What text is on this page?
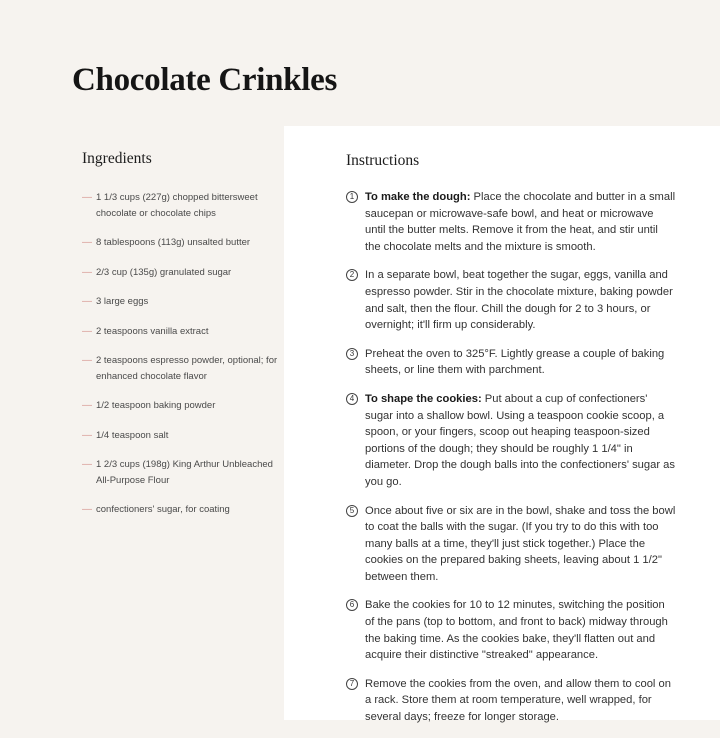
Chocolate Crinkles
Ingredients
— 1 1/3 cups (227g) chopped bittersweet chocolate or chocolate chips
— 8 tablespoons (113g) unsalted butter
— 2/3 cup (135g) granulated sugar
— 3 large eggs
— 2 teaspoons vanilla extract
— 2 teaspoons espresso powder, optional; for enhanced chocolate flavor
— 1/2 teaspoon baking powder
— 1/4 teaspoon salt
— 1 2/3 cups (198g) King Arthur Unbleached All-Purpose Flour
— confectioners' sugar, for coating
Instructions
1 To make the dough: Place the chocolate and butter in a small saucepan or microwave-safe bowl, and heat or microwave until the butter melts. Remove it from the heat, and stir until the chocolate melts and the mixture is smooth.
2 In a separate bowl, beat together the sugar, eggs, vanilla and espresso powder. Stir in the chocolate mixture, baking powder and salt, then the flour. Chill the dough for 2 to 3 hours, or overnight; it'll firm up considerably.
3 Preheat the oven to 325°F. Lightly grease a couple of baking sheets, or line them with parchment.
4 To shape the cookies: Put about a cup of confectioners' sugar into a shallow bowl. Using a teaspoon cookie scoop, a spoon, or your fingers, scoop out heaping teaspoon-sized portions of the dough; they should be roughly 1 1/4" in diameter. Drop the dough balls into the confectioners' sugar as you go.
5 Once about five or six are in the bowl, shake and toss the bowl to coat the balls with the sugar. (If you try to do this with too many balls at a time, they'll just stick together.) Place the cookies on the prepared baking sheets, leaving about 1 1/2" between them.
6 Bake the cookies for 10 to 12 minutes, switching the position of the pans (top to bottom, and front to back) midway through the baking time. As the cookies bake, they'll flatten out and acquire their distinctive "streaked" appearance.
7 Remove the cookies from the oven, and allow them to cool on a rack. Store them at room temperature, well wrapped, for several days; freeze for longer storage.
